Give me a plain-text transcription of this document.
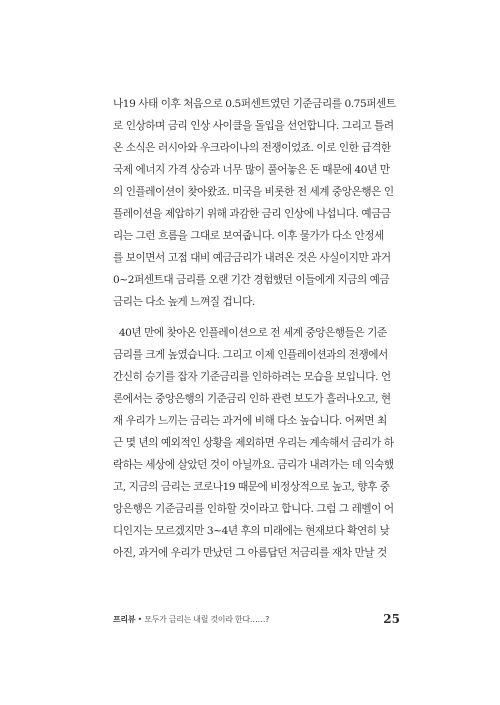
나19 사태 이후 처음으로 0.5퍼센트였던 기준금리를 0.75퍼센트
로 인상하며 금리 인상 사이클을 돌입을 선언합니다. 그리고 틀려
온 소식은 러시아와 우크라이나의 전쟁이었죠. 이로 인한 급격한
국제 에너지 가격 상승과 너무 많이 풀어놓은 돈 때문에 40년 만
의 인플레이션이 찾아왔죠. 미국을 비롯한 전 세계 중앙은행은 인
플레이션을 제압하기 위해 과감한 금리 인상에 나섭니다. 예금금
리는 그런 흐름을 그대로 보여줍니다. 이후 물가가 다소 안정세
를 보이면서 고점 대비 예금금리가 내려온 것은 사실이지만 과거
0~2퍼센트대 금리를 오랜 기간 경험했던 이들에게 지금의 예금
금리는 다소 높게 느껴질 겁니다.
40년 만에 찾아온 인플레이션으로 전 세계 중앙은행들은 기준
금리를 크게 높였습니다. 그리고 이제 인플레이션과의 전쟁에서
간신히 승기를 잡자 기준금리를 인하하려는 모습을 보입니다. 언
론에서는 중앙은행의 기준금리 인하 관련 보도가 흘러나오고, 현
재 우리가 느끼는 금리는 과거에 비해 다소 높습니다. 어쩌면 최
근 몇 년의 예외적인 상황을 제외하면 우리는 계속해서 금리가 하
락하는 세상에 살았던 것이 아닐까요. 금리가 내려가는 데 익숙했
고, 지금의 금리는 코로나19 때문에 비정상적으로 높고, 향후 중
앙은행은 기준금리를 인하할 것이라고 합니다. 그럼 그 레벨이 어
디인지는 모르겠지만 3~4년 후의 미래에는 현재보다 확연히 낮
아진, 과거에 우리가 만났던 그 아름답던 저금리를 재차 만날 것
프리뷰 • 모두가 금리는 내릴 것이라 한다……?	25
